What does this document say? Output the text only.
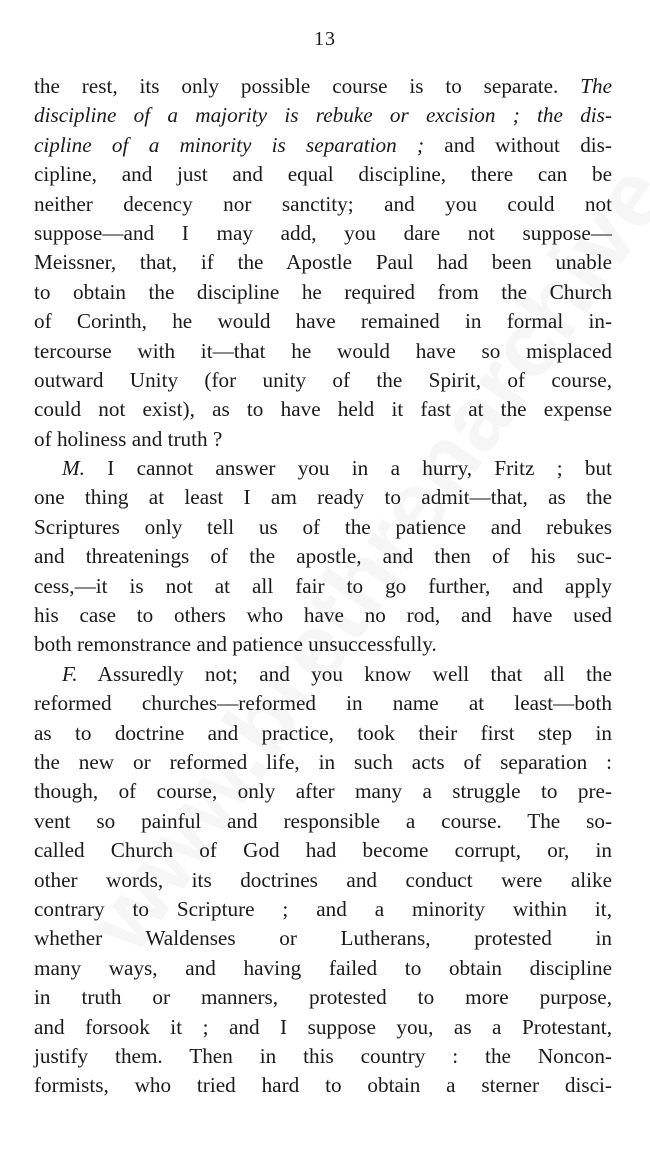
13
the rest, its only possible course is to separate. The
discipline of a majority is rebuke or excision ; the dis-
cipline of a minority is separation ; and without dis-
cipline, and just and equal discipline, there can be
neither decency nor sanctity; and you could not
suppose—and I may add, you dare not suppose—
Meissner, that, if the Apostle Paul had been unable
to obtain the discipline he required from the Church
of Corinth, he would have remained in formal in-
tercourse with it—that he would have so misplaced
outward Unity (for unity of the Spirit, of course,
could not exist), as to have held it fast at the expense
of holiness and truth ?
M. I cannot answer you in a hurry, Fritz ; but
one thing at least I am ready to admit—that, as the
Scriptures only tell us of the patience and rebukes
and threatenings of the apostle, and then of his suc-
cess,—it is not at all fair to go further, and apply
his case to others who have no rod, and have used
both remonstrance and patience unsuccessfully.
F. Assuredly not; and you know well that all the
reformed churches—reformed in name at least—both
as to doctrine and practice, took their first step in
the new or reformed life, in such acts of separation :
though, of course, only after many a struggle to pre-
vent so painful and responsible a course. The so-
called Church of God had become corrupt, or, in
other words, its doctrines and conduct were alike
contrary to Scripture ; and a minority within it,
whether Waldenses or Lutherans, protested in
many ways, and having failed to obtain discipline
in truth or manners, protested to more purpose,
and forsook it ; and I suppose you, as a Protestant,
justify them. Then in this country : the Noncon-
formists, who tried hard to obtain a sterner disci-
